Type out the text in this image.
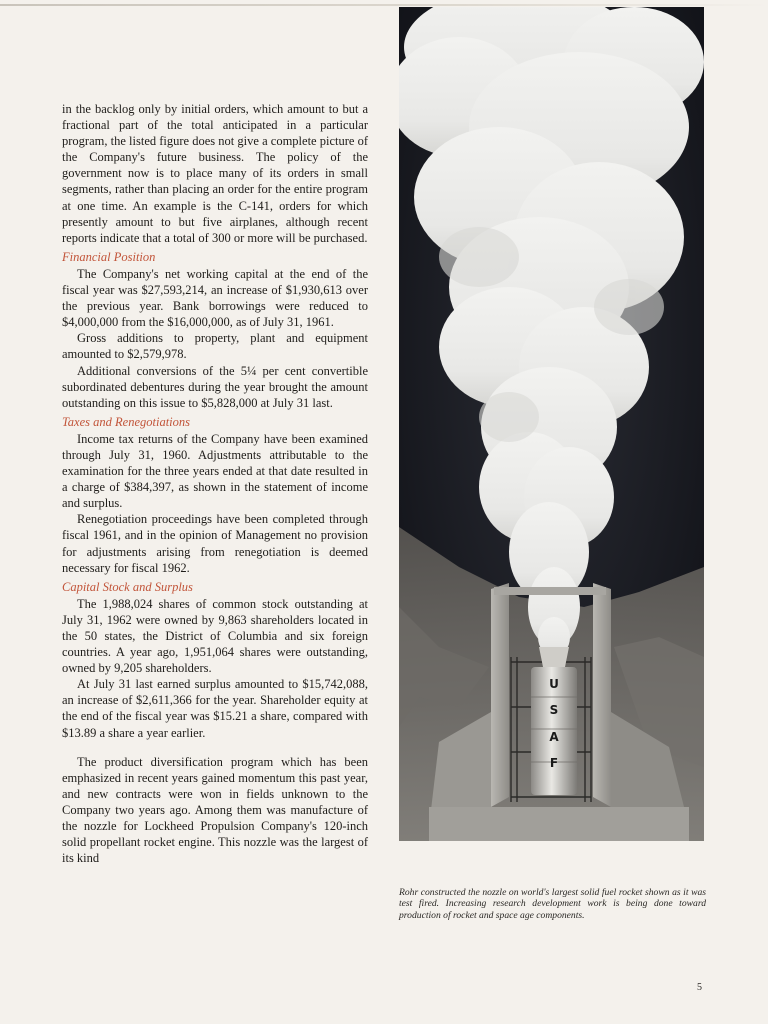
in the backlog only by initial orders, which amount to but a fractional part of the total anticipated in a particular program, the listed figure does not give a complete picture of the Company's future business. The policy of the government now is to place many of its orders in small segments, rather than placing an order for the entire program at one time. An example is the C-141, orders for which presently amount to but five airplanes, although recent reports indicate that a total of 300 or more will be purchased.

Financial Position

The Company's net working capital at the end of the fiscal year was $27,593,214, an increase of $1,930,613 over the previous year. Bank borrowings were reduced to $4,000,000 from the $16,000,000, as of July 31, 1961.

Gross additions to property, plant and equipment amounted to $2,579,978.

Additional conversions of the 5¼ per cent convertible subordinated debentures during the year brought the amount outstanding on this issue to $5,828,000 at July 31 last.

Taxes and Renegotiations

Income tax returns of the Company have been examined through July 31, 1960. Adjustments attributable to the examination for the three years ended at that date resulted in a charge of $384,397, as shown in the statement of income and surplus.

Renegotiation proceedings have been completed through fiscal 1961, and in the opinion of Management no provision for adjustments arising from renegotiation is deemed necessary for fiscal 1962.

Capital Stock and Surplus

The 1,988,024 shares of common stock outstanding at July 31, 1962 were owned by 9,863 shareholders located in the 50 states, the District of Columbia and six foreign countries. A year ago, 1,951,064 shares were outstanding, owned by 9,205 shareholders.

At July 31 last earned surplus amounted to $15,742,088, an increase of $2,611,366 for the year. Shareholder equity at the end of the fiscal year was $15.21 a share, compared with $13.89 a share a year earlier.

The product diversification program which has been emphasized in recent years gained momentum this past year, and new contracts were won in fields unknown to the Company two years ago. Among them was manufacture of the nozzle for Lockheed Propulsion Company's 120-inch solid propellant rocket engine. This nozzle was the largest of its kind

U
S
A
F

Rohr constructed the nozzle on world's largest solid fuel rocket shown as it was test fired. Increasing research development work is being done toward production of rocket and space age components.

5
